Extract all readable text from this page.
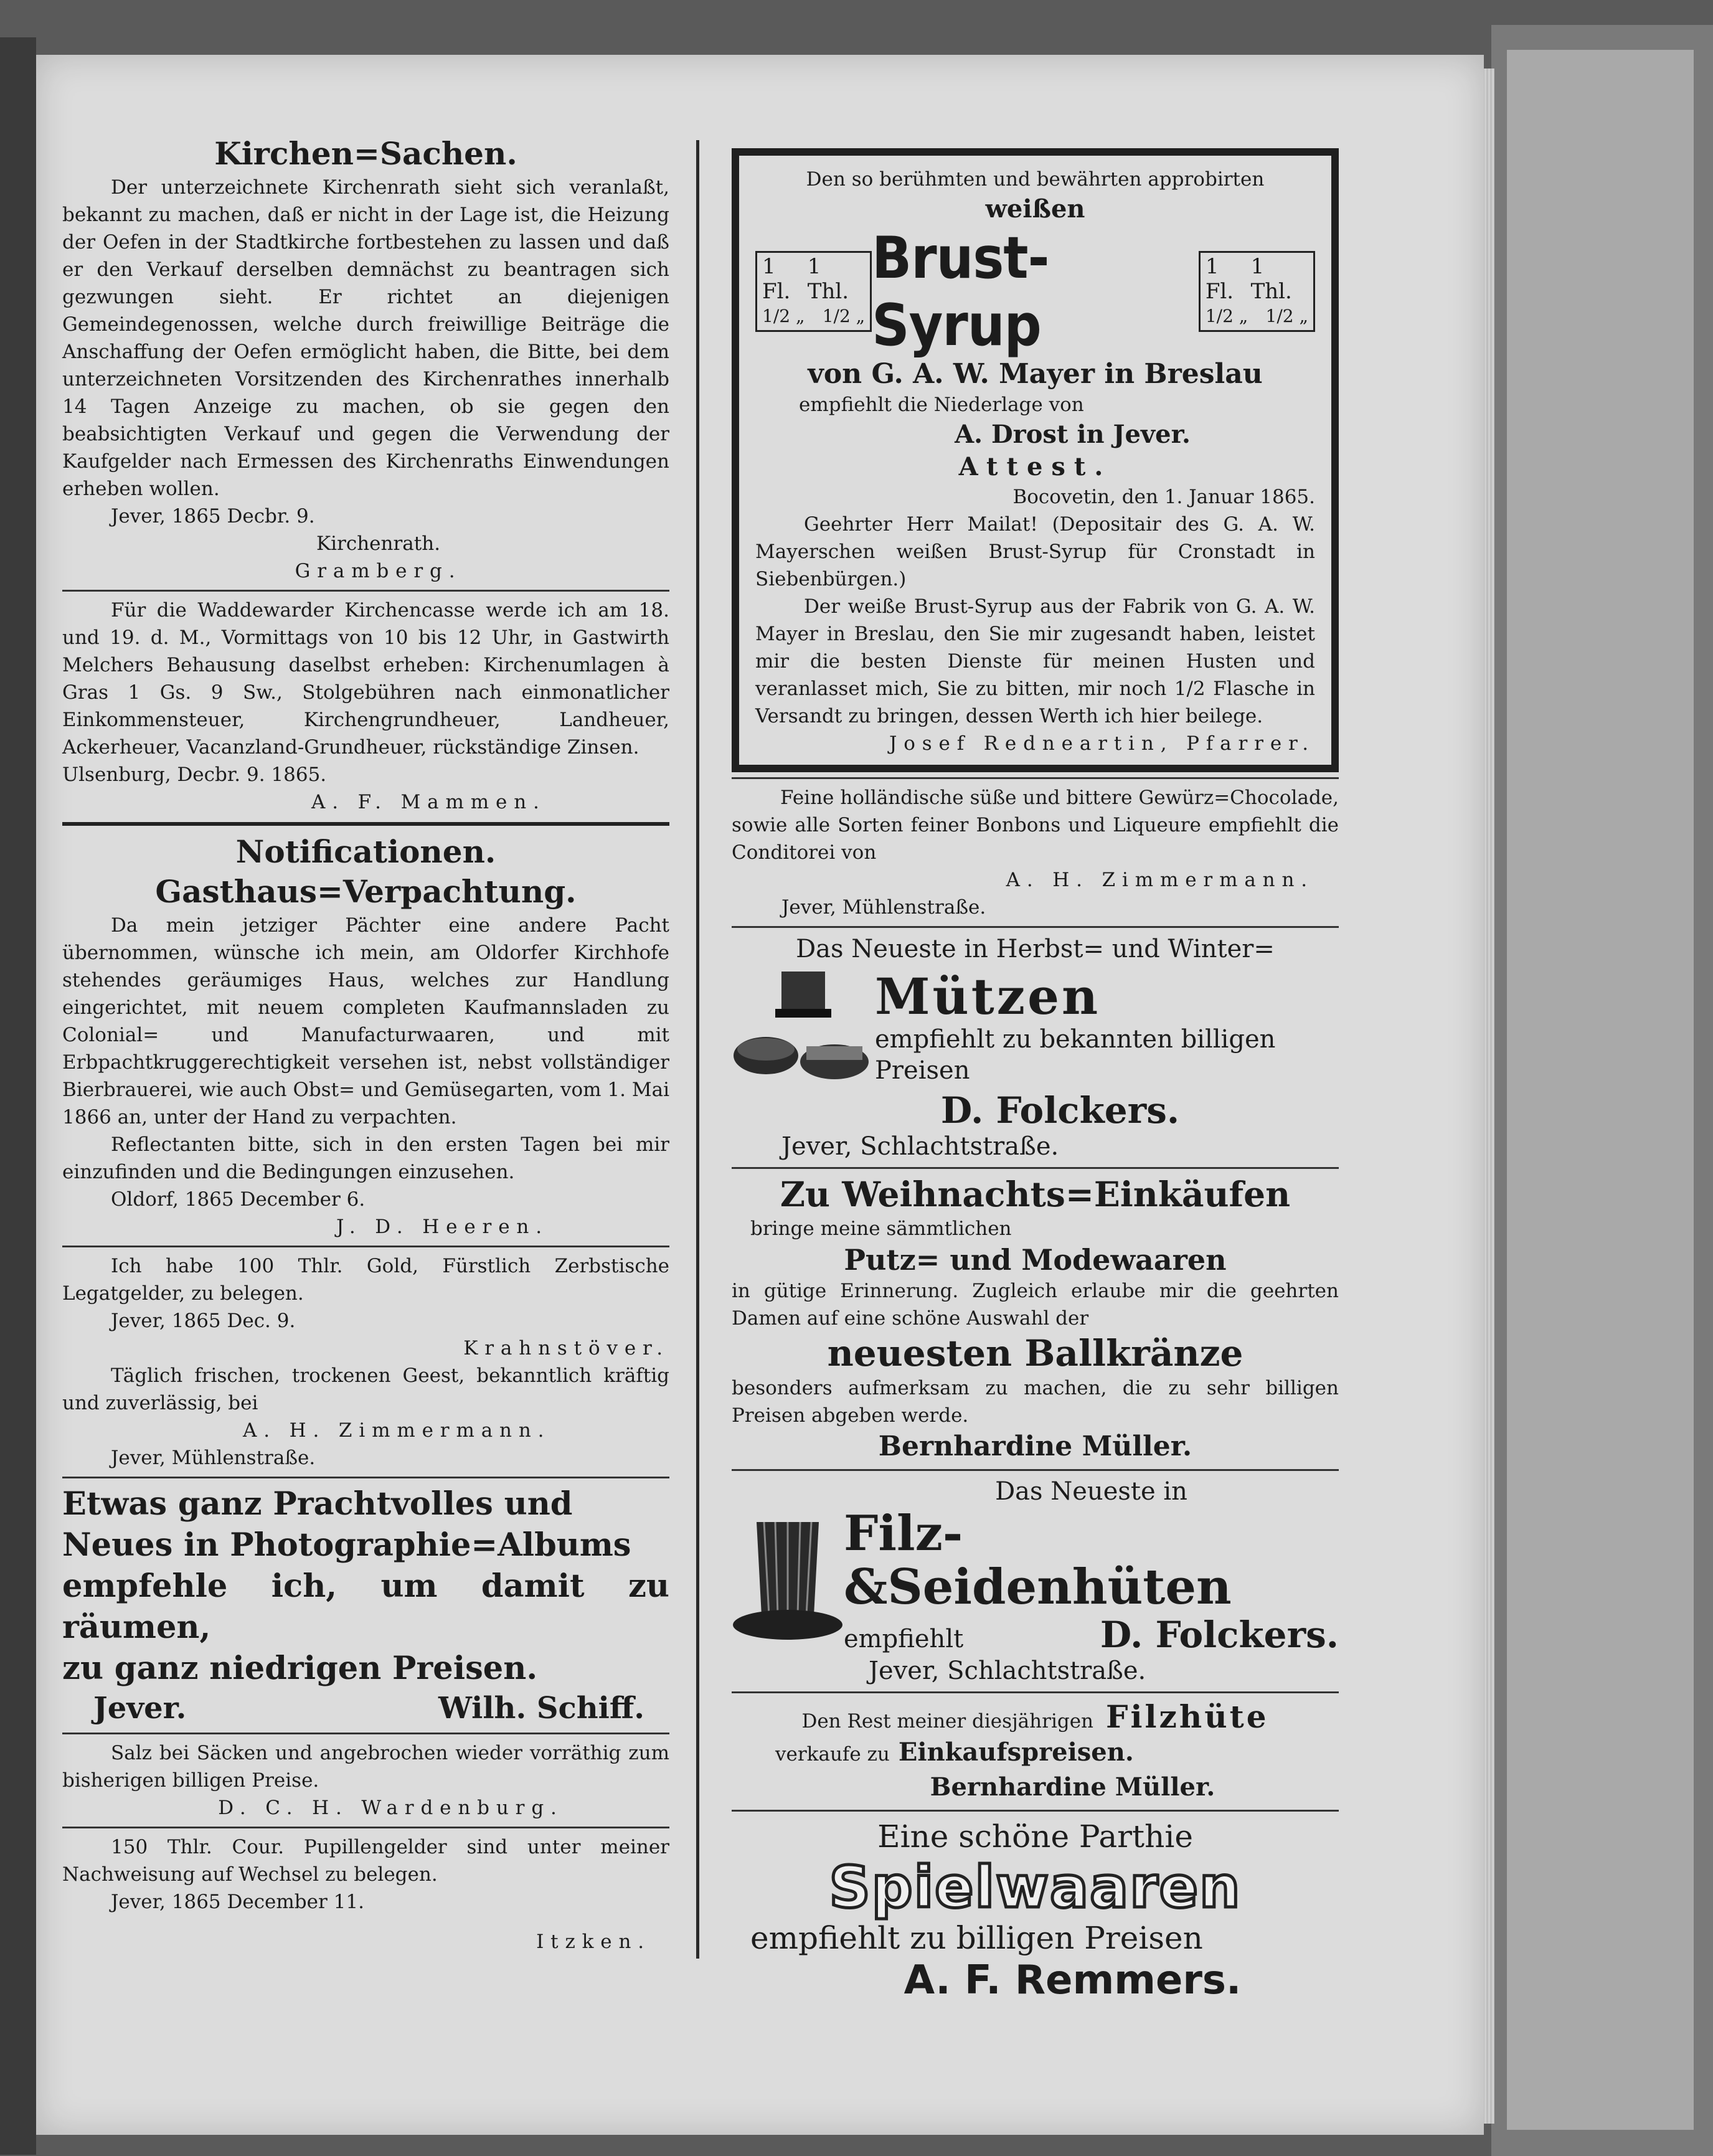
Kirchen=Sachen.

Der unterzeichnete Kirchenrath sieht sich veranlaßt, bekannt zu machen, daß er nicht in der Lage ist, die Heizung der Oefen in der Stadtkirche fortbestehen zu lassen und daß er den Verkauf derselben demnächst zu beantragen sich gezwungen sieht. Er richtet an diejenigen Gemeindegenossen, welche durch freiwillige Beiträge die Anschaffung der Oefen ermöglicht haben, die Bitte, bei dem unterzeichneten Vorsitzenden des Kirchenrathes innerhalb 14 Tagen Anzeige zu machen, ob sie gegen den beabsichtigten Verkauf und gegen die Verwendung der Kaufgelder nach Ermessen des Kirchenraths Einwendungen erheben wollen.

Jever, 1865 Decbr. 9.

Kirchenrath.

Gramberg.

Für die Waddewarder Kirchencasse werde ich am 18. und 19. d. M., Vormittags von 10 bis 12 Uhr, in Gastwirth Melchers Behausung daselbst erheben: Kirchenumlagen à Gras 1 Gs. 9 Sw., Stolgebühren nach einmonatlicher Einkommensteuer, Kirchengrundheuer, Landheuer, Ackerheuer, Vacanzland-Grundheuer, rückständige Zinsen.

Ulsenburg, Decbr. 9. 1865.

A. F. Mammen.

Notificationen.

Gasthaus=Verpachtung.

Da mein jetziger Pächter eine andere Pacht übernommen, wünsche ich mein, am Oldorfer Kirchhofe stehendes geräumiges Haus, welches zur Handlung eingerichtet, mit neuem completen Kaufmannsladen zu Colonial= und Manufacturwaaren, und mit Erbpachtkruggerechtigkeit versehen ist, nebst vollständiger Bierbrauerei, wie auch Obst= und Gemüsegarten, vom 1. Mai 1866 an, unter der Hand zu verpachten.

Reflectanten bitte, sich in den ersten Tagen bei mir einzufinden und die Bedingungen einzusehen.

Oldorf, 1865 December 6.

J. D. Heeren.

Ich habe 100 Thlr. Gold, Fürstlich Zerbstische Legatgelder, zu belegen.

Jever, 1865 Dec. 9.

Krahnstöver.

Täglich frischen, trockenen Geest, bekanntlich kräftig und zuverlässig, bei

A. H. Zimmermann.

Jever, Mühlenstraße.

Etwas ganz Prachtvolles und

Neues in Photographie=Albums

empfehle ich, um damit zu räumen,

zu ganz niedrigen Preisen.

Jever.	Wilh. Schiff.

Salz bei Säcken und angebrochen wieder vorräthig zum bisherigen billigen Preise.

D. C. H. Wardenburg.

150 Thlr. Cour. Pupillengelder sind unter meiner Nachweisung auf Wechsel zu belegen.

Jever, 1865 December 11.

Itzken.

Den so berühmten und bewährten approbirten

weißen

1 Fl.
1 Thl.
1/2 „ 1/2 „
Brust-Syrup
1 Fl.
1 Thl.
1/2 „ 1/2 „

von G. A. W. Mayer in Breslau

empfiehlt die Niederlage von

A. Drost in Jever.

Attest.

Bocovetin, den 1. Januar 1865.

Geehrter Herr Mailat! (Depositair des G. A. W. Mayerschen weißen Brust-Syrup für Cronstadt in Siebenbürgen.)

Der weiße Brust-Syrup aus der Fabrik von G. A. W. Mayer in Breslau, den Sie mir zugesandt haben, leistet mir die besten Dienste für meinen Husten und veranlasset mich, Sie zu bitten, mir noch 1/2 Flasche in Versandt zu bringen, dessen Werth ich hier beilege.

Josef Redneartin, Pfarrer.

Feine holländische süße und bittere Gewürz=Chocolade, sowie alle Sorten feiner Bonbons und Liqueure empfiehlt die Conditorei von

A. H. Zimmermann.

Jever, Mühlenstraße.

Das Neueste in Herbst= und Winter=

Mützen

empfiehlt zu bekannten billigen

Preisen

D. Folckers.

Jever, Schlachtstraße.

Zu Weihnachts=Einkäufen

bringe meine sämmtlichen

Putz= und Modewaaren

in gütige Erinnerung. Zugleich erlaube mir die geehrten Damen auf eine schöne Auswahl der

neuesten Ballkränze

besonders aufmerksam zu machen, die zu sehr billigen Preisen abgeben werde.

Bernhardine Müller.

Das Neueste in

Filz-&Seidenhüten

empfiehlt	D. Folckers.

Jever, Schlachtstraße.

Den Rest meiner diesjährigen Filzhüte
verkaufe zu Einkaufspreisen.

Bernhardine Müller.

Eine schöne Parthie

Spielwaaren

empfiehlt zu billigen Preisen

A. F. Remmers.
